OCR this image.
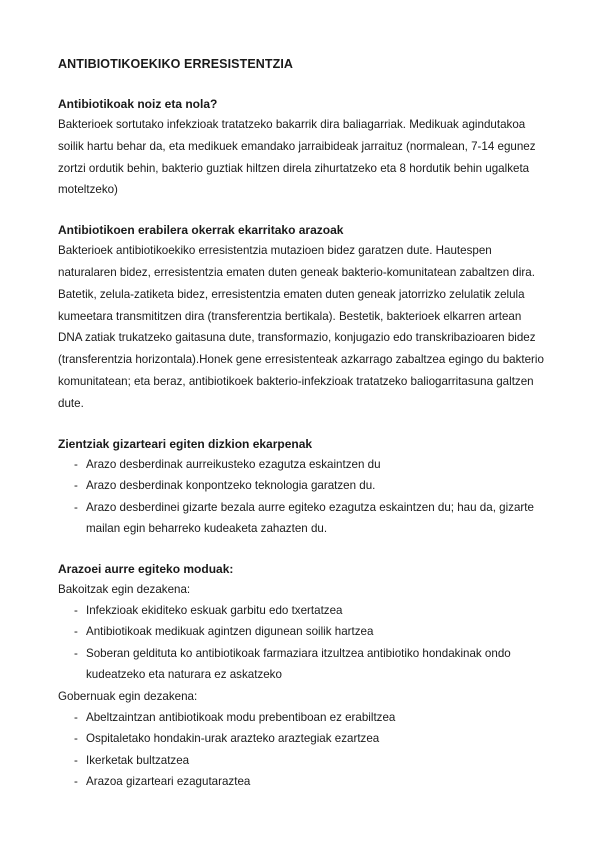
ANTIBIOTIKOEKIKO ERRESISTENTZIA
Antibiotikoak noiz eta nola?

Bakterioek sortutako infekzioak tratatzeko bakarrik dira baliagarriak. Medikuak agindutakoa soilik hartu behar da, eta medikuek emandako jarraibideak jarraituz (normalean, 7-14 egunez zortzi ordutik behin, bakterio guztiak hiltzen direla zihurtatzeko eta 8 hordutik behin ugalketa moteltzeko)

Antibiotikoen erabilera okerrak ekarritako arazoak

Bakterioek antibiotikoekiko erresistentzia mutazioen bidez garatzen dute. Hautespen naturalaren bidez, erresistentzia ematen duten geneak bakterio-komunitatean zabaltzen dira.

Batetik, zelula-zatiketa bidez, erresistentzia ematen duten geneak jatorrizko zelulatik zelula kumeetara transmititzen dira (transferentzia bertikala). Bestetik, bakterioek elkarren artean DNA zatiak trukatzeko gaitasuna dute, transformazio, konjugazio edo transkribazioaren bidez (transferentzia horizontala).Honek gene erresistenteak azkarrago zabaltzea egingo du bakterio komunitatean; eta beraz, antibiotikoek bakterio-infekzioak tratatzeko baliogarritasuna galtzen dute.

Zientziak gizarteari egiten dizkion ekarpenak
- Arazo desberdinak aurreikusteko ezagutza eskaintzen du
- Arazo desberdinak konpontzeko teknologia garatzen du.
- Arazo desberdinei gizarte bezala aurre egiteko ezagutza eskaintzen du; hau da, gizarte mailan egin beharreko kudeaketa zahazten du.
Arazoei aurre egiteko moduak:

Bakoitzak egin dezakena:

- Infekzioak ekiditeko eskuak garbitu edo txertatzea
- Antibiotikoak medikuak agintzen digunean soilik hartzea
- Soberan geldituta ko antibiotikoak farmaziara itzultzea antibiotiko hondakinak ondo kudeatzeko eta naturara ez askatzeko

Gobernuak egin dezakena:

- Abeltzaintzan antibiotikoak modu prebentiboan ez erabiltzea
- Ospitaletako hondakin-urak arazteko araztegiak ezartzea
- Ikerketak bultzatzea
- Arazoa gizarteari ezagutaraztea
